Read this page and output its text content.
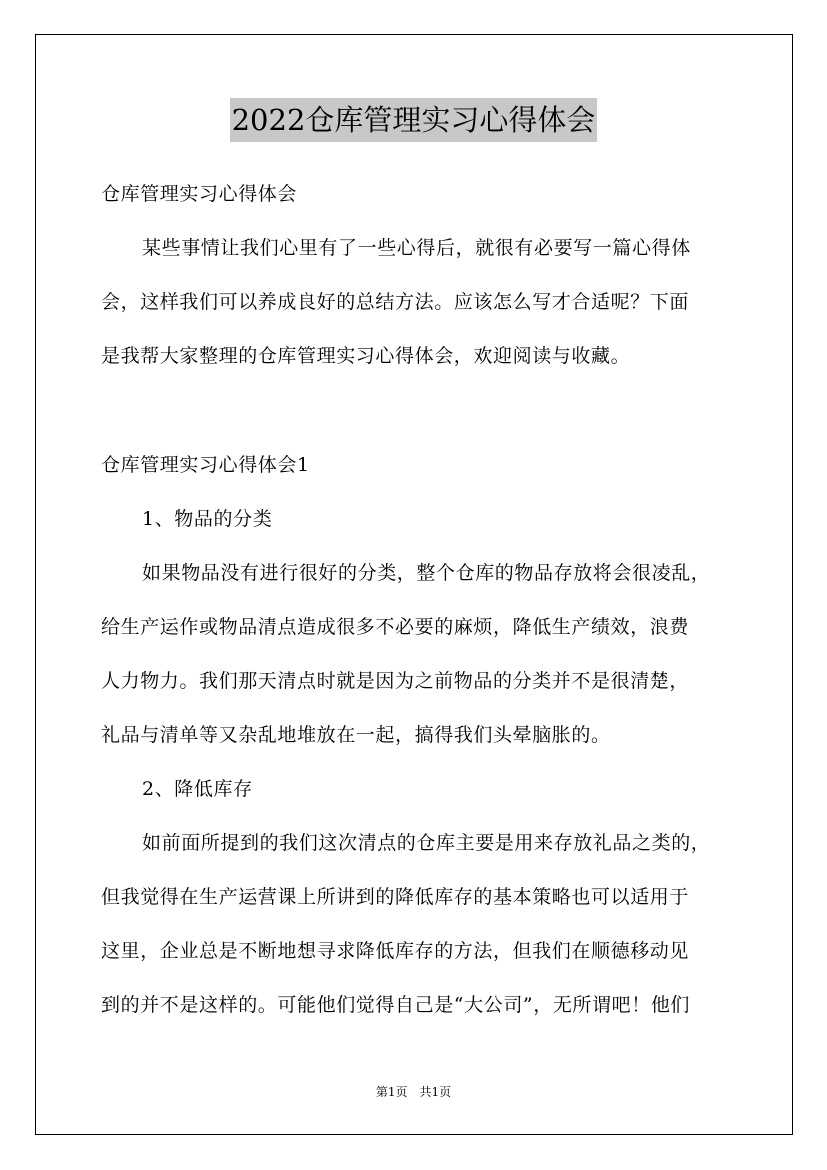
2022仓库管理实习心得体会
仓库管理实习心得体会
某些事情让我们心里有了一些心得后，就很有必要写一篇心得体
会，这样我们可以养成良好的总结方法。应该怎么写才合适呢？下面
是我帮大家整理的仓库管理实习心得体会，欢迎阅读与收藏。
仓库管理实习心得体会1
1、物品的分类
如果物品没有进行很好的分类，整个仓库的物品存放将会很凌乱，
给生产运作或物品清点造成很多不必要的麻烦，降低生产绩效，浪费
人力物力。我们那天清点时就是因为之前物品的分类并不是很清楚，
礼品与清单等又杂乱地堆放在一起，搞得我们头晕脑胀的。
2、降低库存
如前面所提到的我们这次清点的仓库主要是用来存放礼品之类的，
但我觉得在生产运营课上所讲到的降低库存的基本策略也可以适用于
这里，企业总是不断地想寻求降低库存的方法，但我们在顺德移动见
到的并不是这样的。可能他们觉得自己是“大公司”，无所谓吧！他们
第1页　共1页
